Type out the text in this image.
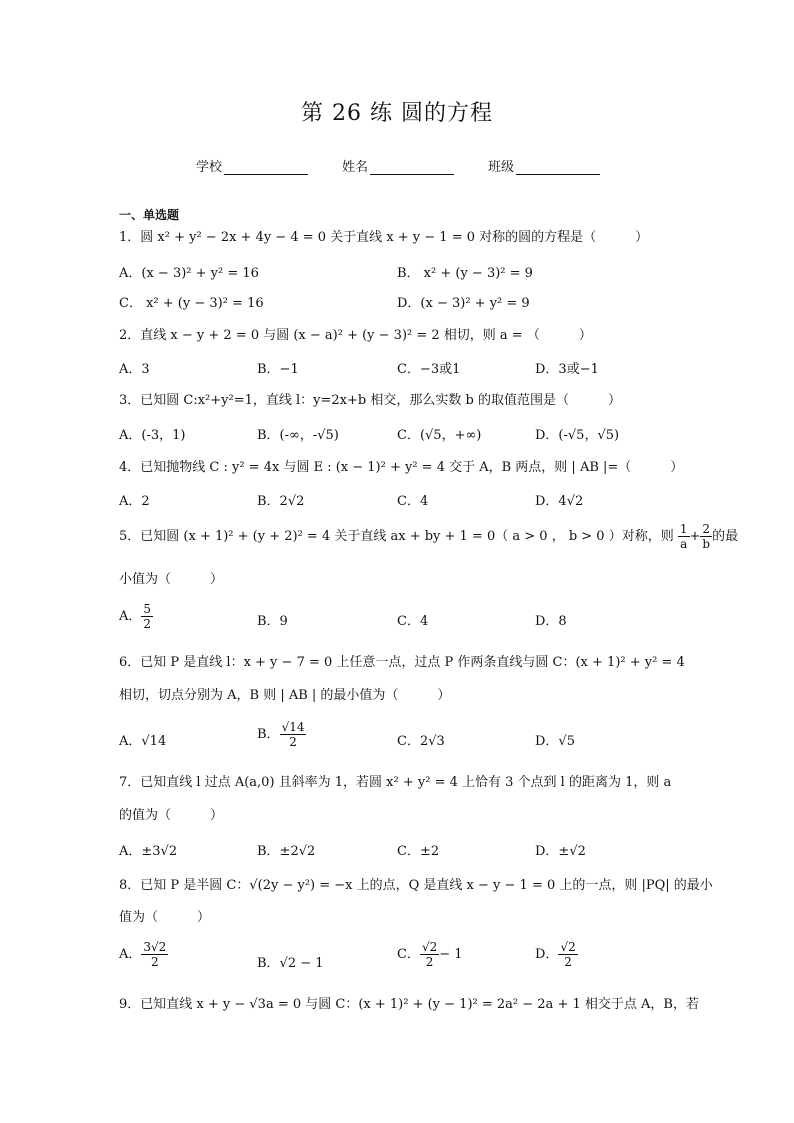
第 26 练 圆的方程
学校	姓名	班级
一、单选题
1．圆 x² + y² − 2x + 4y − 4 = 0 关于直线 x + y − 1 = 0 对称的圆的方程是（　　　）
A．(x − 3)² + y² = 16	B． x² + (y − 3)² = 9
C． x² + (y − 3)² = 16	D．(x − 3)² + y² = 9
2．直线 x − y + 2 = 0 与圆 (x − a)² + (y − 3)² = 2 相切，则 a = （　　　）
A．3	B．−1	C．−3或1	D．3或−1
3．已知圆 C:x²+y²=1，直线 l：y=2x+b 相交，那么实数 b 的取值范围是（　　　）
A．(-3，1)	B．(-∞，-√5)	C．(√5，+∞)	D．(-√5，√5)
4．已知抛物线 C : y² = 4x 与圆 E : (x − 1)² + y² = 4 交于 A，B 两点，则 | AB |=（　　　）
A．2	B．2√2	C．4	D．4√2
5．已知圆 (x + 1)² + (y + 2)² = 4 关于直线 ax + by + 1 = 0（ a > 0 ， b > 0 ）对称，则 $\frac{1}{a} + \frac{2}{b}$ 的最
小值为（　　　）
A． $\frac{5}{2}$	B．9	C．4	D．8
6．已知 P 是直线 l：x + y − 7 = 0 上任意一点，过点 P 作两条直线与圆 C：(x + 1)² + y² = 4
相切，切点分别为 A，B 则 | AB | 的最小值为（　　　）
A．√14	B． $\frac{√14}{2}$	C．2√3	D．√5
7．已知直线 l 过点 A(a,0) 且斜率为 1，若圆 x² + y² = 4 上恰有 3 个点到 l 的距离为 1，则 a
的值为（　　　）
A．±3√2	B．±2√2	C．±2	D．±√2
8．已知 P 是半圆 C：√(2y − y²) = −x 上的点，Q 是直线 x − y − 1 = 0 上的一点，则 |PQ| 的最小
值为（　　　）
A． $\frac{3√2}{2}$	B．√2 − 1
C． $\frac{√2}{2} - 1$	D． $\frac{√2}{2}$
9．已知直线 x + y − √3a = 0 与圆 C：(x + 1)² + (y − 1)² = 2a² − 2a + 1 相交于点 A，B，若
